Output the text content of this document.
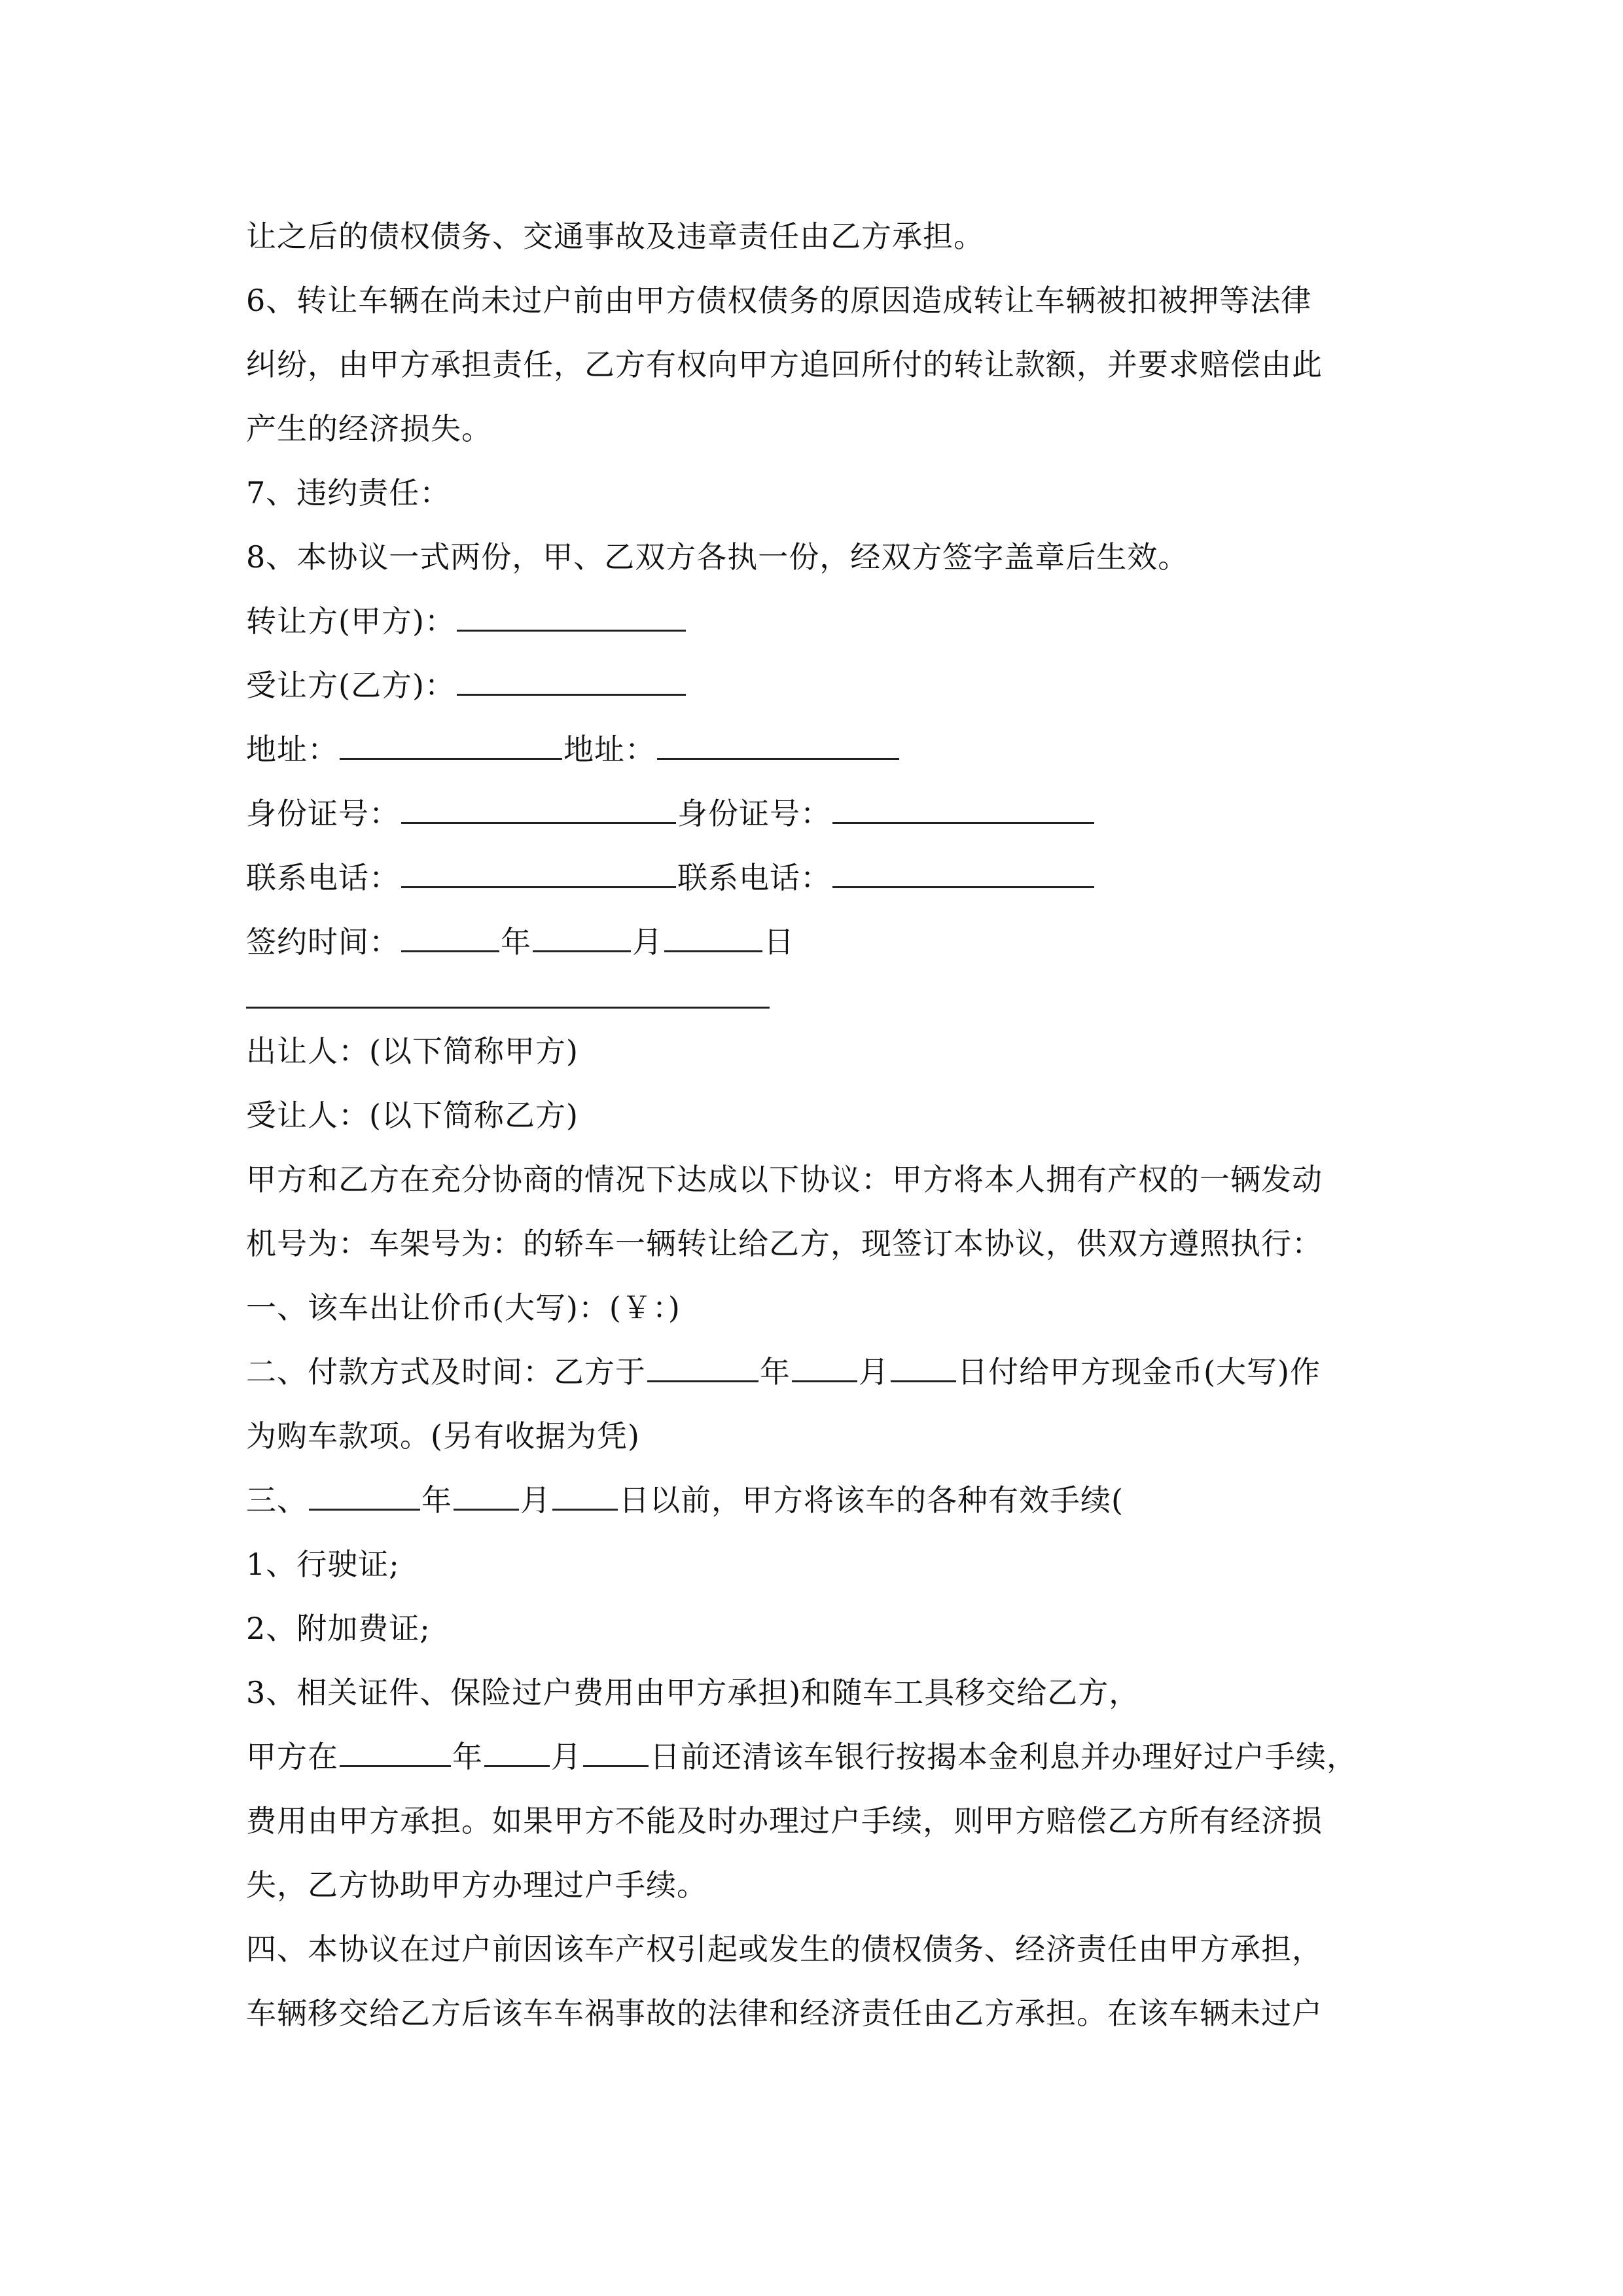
让之后的债权债务、交通事故及违章责任由乙方承担。
6、转让车辆在尚未过户前由甲方债权债务的原因造成转让车辆被扣被押等法律
纠纷，由甲方承担责任，乙方有权向甲方追回所付的转让款额，并要求赔偿由此
产生的经济损失。
7、违约责任：
8、本协议一式两份，甲、乙双方各执一份，经双方签字盖章后生效。
转让方(甲方)：
受让方(乙方)：
地址：	地址：
身份证号：	身份证号：
联系电话：	联系电话：
签约时间：	年	月	日
出让人：(以下简称甲方)
受让人：(以下简称乙方)
甲方和乙方在充分协商的情况下达成以下协议：甲方将本人拥有产权的一辆发动
机号为：车架号为：的轿车一辆转让给乙方，现签订本协议，供双方遵照执行：
一、该车出让价币(大写)：(￥：)
二、付款方式及时间：乙方于	年 月 日付给甲方现金币(大写)作
为购车款项。(另有收据为凭)
三、	年 月 日以前，甲方将该车的各种有效手续(
1、行驶证;
2、附加费证;
3、相关证件、保险过户费用由甲方承担)和随车工具移交给乙方，
甲方在	年 月 日前还清该车银行按揭本金利息并办理好过户手续，
费用由甲方承担。如果甲方不能及时办理过户手续，则甲方赔偿乙方所有经济损
失，乙方协助甲方办理过户手续。
四、本协议在过户前因该车产权引起或发生的债权债务、经济责任由甲方承担，
车辆移交给乙方后该车车祸事故的法律和经济责任由乙方承担。在该车辆未过户
